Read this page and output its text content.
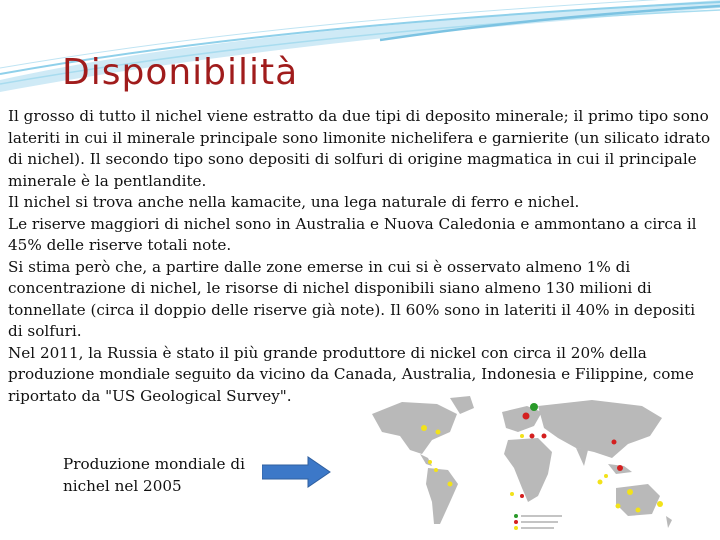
Disponibilità

Il grosso di tutto il nichel viene estratto da due tipi di deposito minerale; il primo tipo sono lateriti in cui il minerale principale sono limonite nichelifera e garnierite (un silicato idrato di nichel). Il secondo tipo sono depositi di solfuri di origine magmatica in cui il principale minerale è la pentlandite.

Il nichel si trova anche nella kamacite, una lega naturale di ferro e nichel.

Le riserve maggiori di nichel sono in Australia e Nuova Caledonia e ammontano a circa il 45% delle riserve totali note.

Si stima però che, a partire dalle zone emerse in cui si è osservato almeno 1% di concentrazione di nichel, le risorse di nichel disponibili siano almeno 130 milioni di tonnellate (circa il doppio delle riserve già note). Il 60% sono in lateriti il 40% in depositi di solfuri.

Nel 2011, la Russia è stato il più grande produttore di nickel con circa il 20% della produzione mondiale seguito da vicino da Canada, Australia, Indonesia e Filippine, come riportato da "US Geological Survey".

Produzione mondiale di nichel nel 2005
